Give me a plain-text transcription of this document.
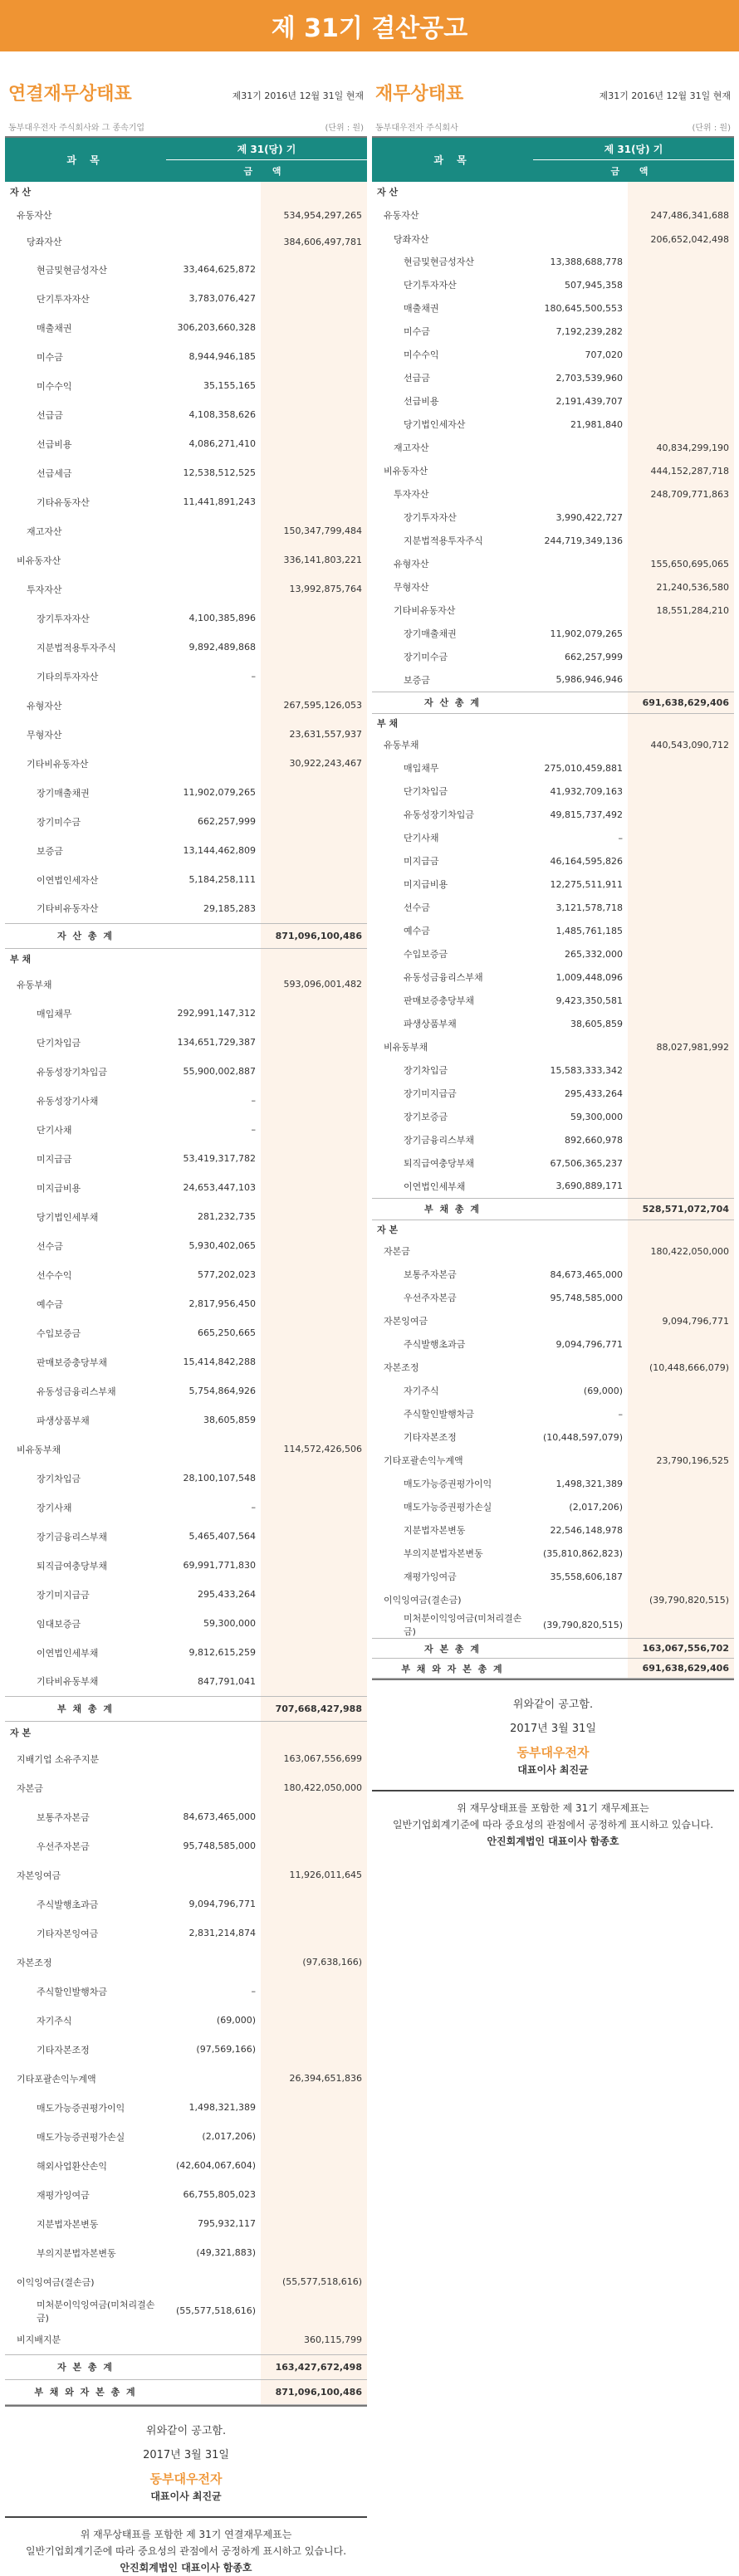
제 31기 결산공고
연결재무상태표	제31기 2016년 12월 31일 현재
동부대우전자 주식회사와 그 종속기업	(단위 : 원)
과 목	제 31(당) 기	
	금 액	
자 산		
유동자산		534,954,297,265
당좌자산		384,606,497,781
현금및현금성자산	33,464,625,872	
단기투자자산	3,783,076,427	
매출채권	306,203,660,328	
미수금	8,944,946,185	
미수수익	35,155,165	
선급금	4,108,358,626	
선급비용	4,086,271,410	
선급세금	12,538,512,525	
기타유동자산	11,441,891,243	
재고자산		150,347,799,484
비유동자산		336,141,803,221
투자자산		13,992,875,764
장기투자자산	4,100,385,896	
지분법적용투자주식	9,892,489,868	
기타의투자자산	–	
유형자산		267,595,126,053
무형자산		23,631,557,937
기타비유동자산		30,922,243,467
장기매출채권	11,902,079,265	
장기미수금	662,257,999	
보증금	13,144,462,809	
이연법인세자산	5,184,258,111	
기타비유동자산	29,185,283	
자 산 총 계		871,096,100,486
부 채		
유동부채		593,096,001,482
매입채무	292,991,147,312	
단기차입금	134,651,729,387	
유동성장기차입금	55,900,002,887	
유동성장기사채	–	
단기사채	–	
미지급금	53,419,317,782	
미지급비용	24,653,447,103	
당기법인세부채	281,232,735	
선수금	5,930,402,065	
선수수익	577,202,023	
예수금	2,817,956,450	
수입보증금	665,250,665	
판매보증충당부채	15,414,842,288	
유동성금융리스부채	5,754,864,926	
파생상품부채	38,605,859	
비유동부채		114,572,426,506
장기차입금	28,100,107,548	
장기사채	–	
장기금융리스부채	5,465,407,564	
퇴직급여충당부채	69,991,771,830	
장기미지급금	295,433,264	
임대보증금	59,300,000	
이연법인세부채	9,812,615,259	
기타비유동부채	847,791,041	
부 채 총 계		707,668,427,988
자 본		
지배기업 소유주지분		163,067,556,699
자본금		180,422,050,000
보통주자본금	84,673,465,000	
우선주자본금	95,748,585,000	
자본잉여금		11,926,011,645
주식발행초과금	9,094,796,771	
기타자본잉여금	2,831,214,874	
자본조정		(97,638,166)
주식할인발행차금	–	
자기주식	(69,000)	
기타자본조정	(97,569,166)	
기타포괄손익누계액		26,394,651,836
매도가능증권평가이익	1,498,321,389	
매도가능증권평가손실	(2,017,206)	
해외사업환산손익	(42,604,067,604)	
재평가잉여금	66,755,805,023	
지분법자본변동	795,932,117	
부의지분법자본변동	(49,321,883)	
이익잉여금(결손금)		(55,577,518,616)
미처분이익잉여금(미처리결손금)	(55,577,518,616)	
비지배지분		360,115,799
자 본 총 계		163,427,672,498
부 채 와 자 본 총 계		871,096,100,486
위와같이 공고함.
2017년 3월 31일
동부대우전자
대표이사 최진균
위 재무상태표를 포함한 제 31기 연결재무제표는
일반기업회계기준에 따라 중요성의 관점에서 공정하게 표시하고 있습니다.
안진회계법인 대표이사 함종호
재무상태표	제31기 2016년 12월 31일 현재
동부대우전자 주식회사	(단위 : 원)
과 목	제 31(당) 기	
	금 액	
자 산		
유동자산		247,486,341,688
당좌자산		206,652,042,498
현금및현금성자산	13,388,688,778	
단기투자자산	507,945,358	
매출채권	180,645,500,553	
미수금	7,192,239,282	
미수수익	707,020	
선급금	2,703,539,960	
선급비용	2,191,439,707	
당기법인세자산	21,981,840	
재고자산		40,834,299,190
비유동자산		444,152,287,718
투자자산		248,709,771,863
장기투자자산	3,990,422,727	
지분법적용투자주식	244,719,349,136	
유형자산		155,650,695,065
무형자산		21,240,536,580
기타비유동자산		18,551,284,210
장기매출채권	11,902,079,265	
장기미수금	662,257,999	
보증금	5,986,946,946	
자 산 총 계		691,638,629,406
부 채		
유동부채		440,543,090,712
매입채무	275,010,459,881	
단기차입금	41,932,709,163	
유동성장기차입금	49,815,737,492	
단기사채	–	
미지급금	46,164,595,826	
미지급비용	12,275,511,911	
선수금	3,121,578,718	
예수금	1,485,761,185	
수입보증금	265,332,000	
유동성금융리스부채	1,009,448,096	
판매보증충당부채	9,423,350,581	
파생상품부채	38,605,859	
비유동부채		88,027,981,992
장기차입금	15,583,333,342	
장기미지급금	295,433,264	
장기보증금	59,300,000	
장기금융리스부채	892,660,978	
퇴직급여충당부채	67,506,365,237	
이연법인세부채	3,690,889,171	
부 채 총 계		528,571,072,704
자 본		
자본금		180,422,050,000
보통주자본금	84,673,465,000	
우선주자본금	95,748,585,000	
자본잉여금		9,094,796,771
주식발행초과금	9,094,796,771	
자본조정		(10,448,666,079)
자기주식	(69,000)	
주식할인발행차금	–	
기타자본조정	(10,448,597,079)	
기타포괄손익누계액		23,790,196,525
매도가능증권평가이익	1,498,321,389	
매도가능증권평가손실	(2,017,206)	
지분법자본변동	22,546,148,978	
부의지분법자본변동	(35,810,862,823)	
재평가잉여금	35,558,606,187	
이익잉여금(결손금)		(39,790,820,515)
미처분이익잉여금(미처리결손금)	(39,790,820,515)	
자 본 총 계		163,067,556,702
부 채 와 자 본 총 계		691,638,629,406
위와같이 공고함.
2017년 3월 31일
동부대우전자
대표이사 최진균
위 재무상태표를 포함한 제 31기 재무제표는
일반기업회계기준에 따라 중요성의 관점에서 공정하게 표시하고 있습니다.
안진회계법인 대표이사 함종호
